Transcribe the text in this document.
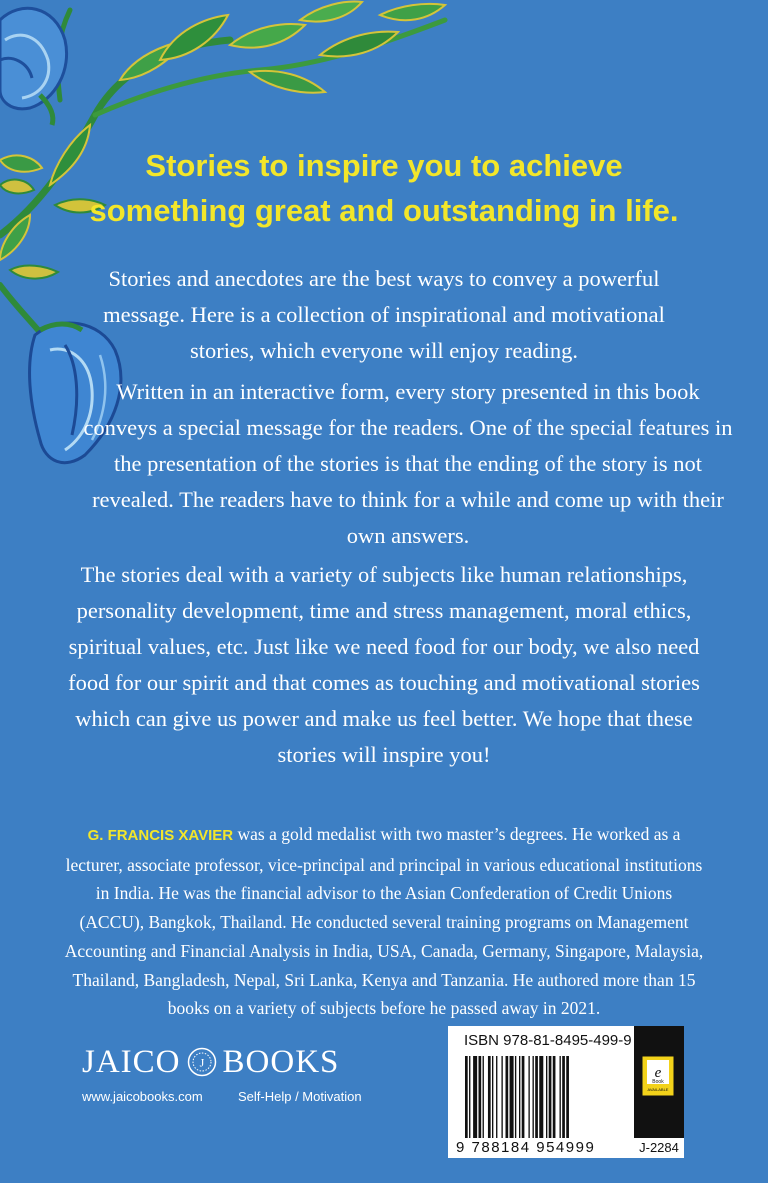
Stories to inspire you to achieve
something great and outstanding in life.

Stories and anecdotes are the best ways to convey a powerful message. Here is a collection of inspirational and motivational stories, which everyone will enjoy reading.

Written in an interactive form, every story presented in this book conveys a special message for the readers. One of the special features in the presentation of the stories is that the ending of the story is not revealed. The readers have to think for a while and come up with their own answers.

The stories deal with a variety of subjects like human relationships, personality development, time and stress management, moral ethics, spiritual values, etc. Just like we need food for our body, we also need food for our spirit and that comes as touching and motivational stories which can give us power and make us feel better. We hope that these stories will inspire you!

G. FRANCIS XAVIER was a gold medalist with two master’s degrees. He worked as a lecturer, associate professor, vice-principal and principal in various educational institutions in India. He was the financial advisor to the Asian Confederation of Credit Unions (ACCU), Bangkok, Thailand. He conducted several training programs on Management Accounting and Financial Analysis in India, USA, Canada, Germany, Singapore, Malaysia, Thailand, Bangladesh, Nepal, Sri Lanka, Kenya and Tanzania. He authored more than 15 books on a variety of subjects before he passed away in 2021.

JAICO J BOOKS
www.jaicobooks.com	Self-Help / Motivation
ISBN 978-81-8495-499-9
9 788184 954999
e
Book
AVAILABLE
J-2284
